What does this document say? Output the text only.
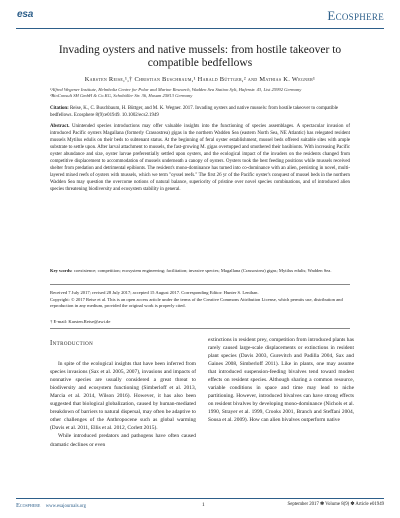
esa	Ecosphere
Invading oysters and native mussels: from hostile takeover to compatible bedfellows
Karsten Reise,¹,† Christian Buschbaum,¹ Harald Büttger,² and Mathias K. Wegner¹
¹Alfred Wegener Institute, Helmholtz Centre for Polar and Marine Research, Wadden Sea Station Sylt, Hafenstr. 43, List 25992 Germany
²BioConsult SH GmbH & Co.KG, Schobüller Str. 36, Husum 25813 Germany
Citation: Reise, K., C. Buschbaum, H. Büttger, and M. K. Wegner. 2017. Invading oysters and native mussels: from hostile takeover to compatible bedfellows. Ecosphere 8(9):e01949. 10.1002/ecs2.1949
Abstract. Unintended species introductions may offer valuable insights into the functioning of species assemblages. A spectacular invasion of introduced Pacific oysters Magallana (formerly Crassostrea) gigas in the northern Wadden Sea (eastern North Sea, NE Atlantic) has relegated resident mussels Mytilus edulis on their beds to subtenant status. At the beginning of feral oyster establishment, mussel beds offered suitable sites with ample substrate to settle upon. After larval attachment to mussels, the fast-growing M. gigas overtopped and smothered their basibionts. With increasing Pacific oyster abundance and size, oyster larvae preferentially settled upon oysters, and the ecological impact of the invaders on the residents changed from competitive displacement to accommodation of mussels underneath a canopy of oysters. Oysters took the best feeding positions while mussels received shelter from predation and detrimental epibionts. The resident's mono-dominance has turned into co-dominance with an alien, persisting in novel, multi-layered mixed reefs of oysters with mussels, which we term "oyssel reefs." The first 26 yr of the Pacific oyster's conquest of mussel beds in the northern Wadden Sea may question the overcome notions of natural balance, superiority of pristine over novel species combinations, and of introduced alien species threatening biodiversity and ecosystem stability in general.
Key words: coexistence; competition; ecosystem engineering; facilitation; invasive species; Magallana (Crassostrea) gigas; Mytilus edulis; Wadden Sea.
Received 7 July 2017; revised 28 July 2017; accepted 15 August 2017. Corresponding Editor: Hunter S. Lenihan.
Copyright: © 2017 Reise et al. This is an open access article under the terms of the Creative Commons Attribution License, which permits use, distribution and reproduction in any medium, provided the original work is properly cited.
† E-mail: Karsten.Reise@awi.de
Introduction

In spite of the ecological insights that have been inferred from species invasions (Sax et al. 2005, 2007), invasions and impacts of nonnative species are usually considered a great threat to biodiversity and ecosystem functioning (Simberloff et al. 2013, Marcia et al. 2014, Wilson 2016). However, it has also been suggested that biological globalization, caused by human-mediated breakdown of barriers to natural dispersal, may often be adaptive to other challenges of the Anthropocene such as global warming (Davis et al. 2011, Ellis et al. 2012, Corlett 2015).

While introduced predators and pathogens have often caused dramatic declines or even

extinctions in resident prey, competition from introduced plants has rarely caused large-scale displacements or extinctions in resident plant species (Davis 2003, Gurevitch and Padilla 2004, Sax and Gaines 2008, Simberloff 2011). Like in plants, one may assume that introduced suspension-feeding bivalves tend toward modest effects on resident species. Although sharing a common resource, variable conditions in space and time may lead to niche partitioning. However, introduced bivalves can have strong effects on resident bivalves by developing mono-dominance (Nichols et al. 1990, Strayer et al. 1999, Crooks 2001, Branch and Steffani 2004, Sousa et al. 2009). How can alien bivalves outperform native

Ecosphere www.esajournals.org	1	September 2017 ✽ Volume 8(9) ✽ Article e01949
